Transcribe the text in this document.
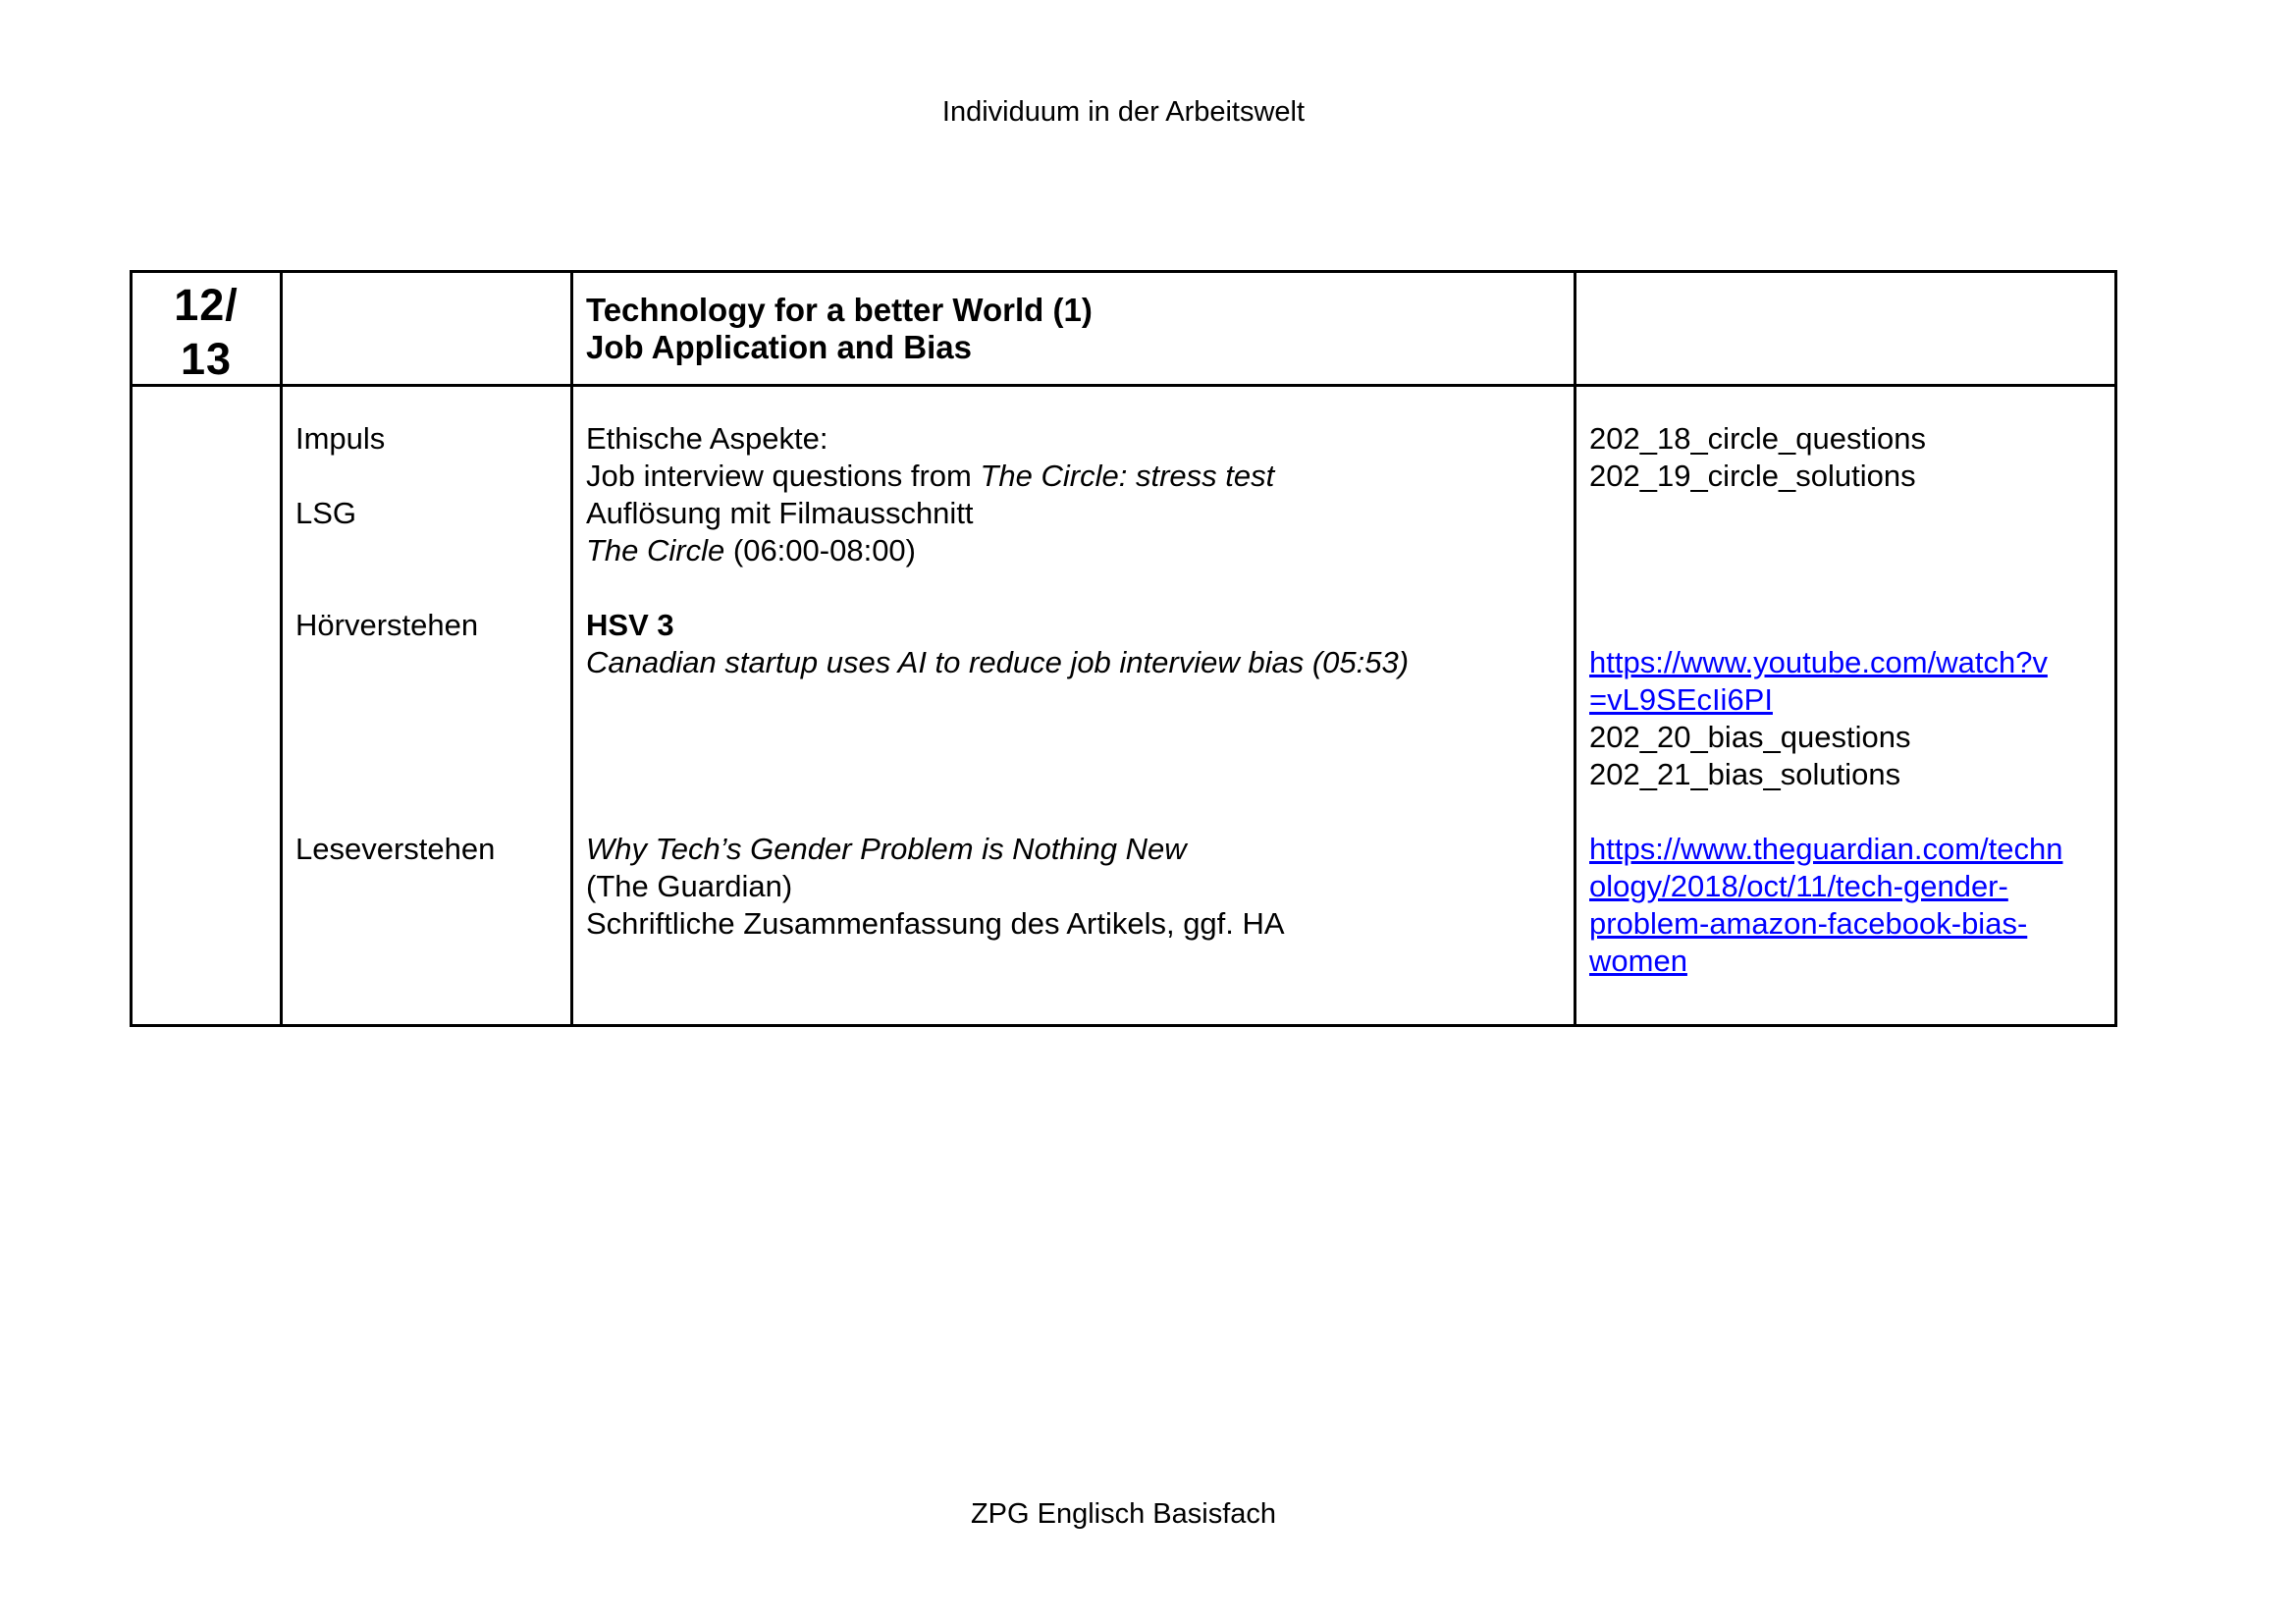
Individuum in der Arbeitswelt
12/
13
Technology for a better World (1)
Job Application and Bias
Impuls
LSG
Hörverstehen
Leseverstehen
Ethische Aspekte:
Job interview questions from The Circle: stress test
Auflösung mit Filmausschnitt
The Circle (06:00-08:00)
HSV 3
Canadian startup uses AI to reduce job interview bias (05:53)
Why Tech’s Gender Problem is Nothing New
(The Guardian)
Schriftliche Zusammenfassung des Artikels, ggf. HA
202_18_circle_questions
202_19_circle_solutions
https://www.youtube.com/watch?v
=vL9SEcIi6PI
202_20_bias_questions
202_21_bias_solutions
https://www.theguardian.com/techn
ology/2018/oct/11/tech-gender-
problem-amazon-facebook-bias-
women
ZPG Englisch Basisfach
